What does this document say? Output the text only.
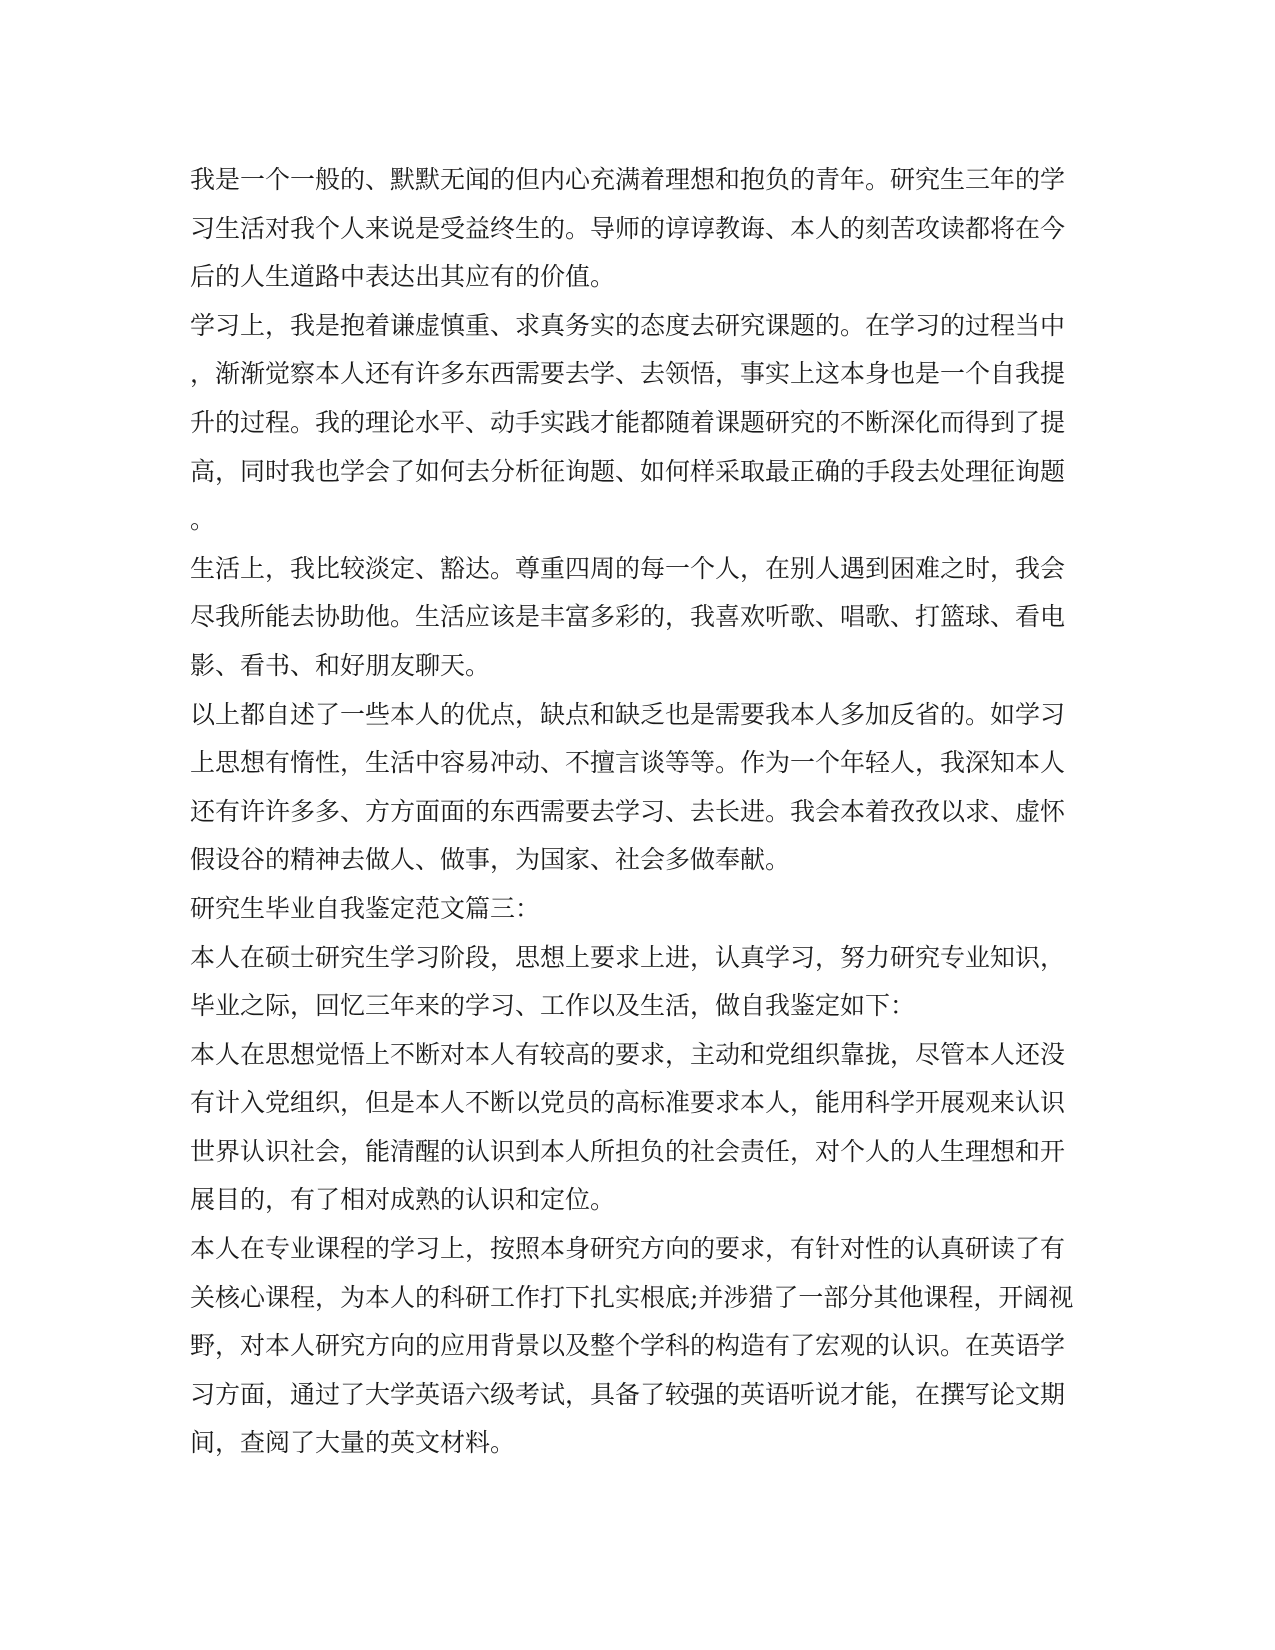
我是一个一般的、默默无闻的但内心充满着理想和抱负的青年。研究生三年的学
习生活对我个人来说是受益终生的。导师的谆谆教诲、本人的刻苦攻读都将在今
后的人生道路中表达出其应有的价值。
学习上，我是抱着谦虚慎重、求真务实的态度去研究课题的。在学习的过程当中
，渐渐觉察本人还有许多东西需要去学、去领悟，事实上这本身也是一个自我提
升的过程。我的理论水平、动手实践才能都随着课题研究的不断深化而得到了提
高，同时我也学会了如何去分析征询题、如何样采取最正确的手段去处理征询题
。
生活上，我比较淡定、豁达。尊重四周的每一个人，在别人遇到困难之时，我会
尽我所能去协助他。生活应该是丰富多彩的，我喜欢听歌、唱歌、打篮球、看电
影、看书、和好朋友聊天。
以上都自述了一些本人的优点，缺点和缺乏也是需要我本人多加反省的。如学习
上思想有惰性，生活中容易冲动、不擅言谈等等。作为一个年轻人，我深知本人
还有许许多多、方方面面的东西需要去学习、去长进。我会本着孜孜以求、虚怀
假设谷的精神去做人、做事，为国家、社会多做奉献。
研究生毕业自我鉴定范文篇三：
本人在硕士研究生学习阶段，思想上要求上进，认真学习，努力研究专业知识，
毕业之际，回忆三年来的学习、工作以及生活，做自我鉴定如下：
本人在思想觉悟上不断对本人有较高的要求，主动和党组织靠拢，尽管本人还没
有计入党组织，但是本人不断以党员的高标准要求本人，能用科学开展观来认识
世界认识社会，能清醒的认识到本人所担负的社会责任，对个人的人生理想和开
展目的，有了相对成熟的认识和定位。
本人在专业课程的学习上，按照本身研究方向的要求，有针对性的认真研读了有
关核心课程，为本人的科研工作打下扎实根底;并涉猎了一部分其他课程，开阔视
野，对本人研究方向的应用背景以及整个学科的构造有了宏观的认识。在英语学
习方面，通过了大学英语六级考试，具备了较强的英语听说才能，在撰写论文期
间，查阅了大量的英文材料。
